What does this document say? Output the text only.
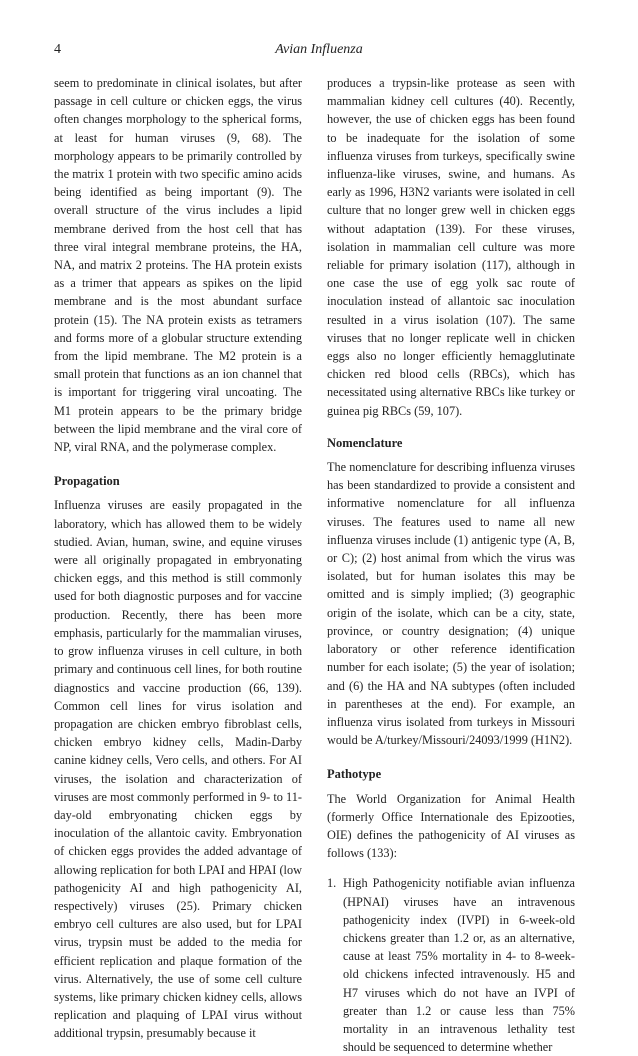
4	Avian Influenza

seem to predominate in clinical isolates, but after passage in cell culture or chicken eggs, the virus often changes morphology to the spherical forms, at least for human viruses (9, 68). The morphology appears to be primarily controlled by the matrix 1 protein with two specific amino acids being identified as being important (9). The overall structure of the virus includes a lipid membrane derived from the host cell that has three viral integral membrane proteins, the HA, NA, and matrix 2 proteins. The HA protein exists as a trimer that appears as spikes on the lipid membrane and is the most abundant surface protein (15). The NA protein exists as tetramers and forms more of a globular structure extending from the lipid membrane. The M2 protein is a small protein that functions as an ion channel that is important for triggering viral uncoating. The M1 protein appears to be the primary bridge between the lipid membrane and the viral core of NP, viral RNA, and the polymerase complex.

Propagation

Influenza viruses are easily propagated in the laboratory, which has allowed them to be widely studied. Avian, human, swine, and equine viruses were all originally propagated in embryonating chicken eggs, and this method is still commonly used for both diagnostic purposes and for vaccine production. Recently, there has been more emphasis, particularly for the mammalian viruses, to grow influenza viruses in cell culture, in both primary and continuous cell lines, for both routine diagnostics and vaccine production (66, 139). Common cell lines for virus isolation and propagation are chicken embryo fibroblast cells, chicken embryo kidney cells, Madin-Darby canine kidney cells, Vero cells, and others. For AI viruses, the isolation and characterization of viruses are most commonly performed in 9- to 11-day-old embryonating chicken eggs by inoculation of the allantoic cavity. Embryonation of chicken eggs provides the added advantage of allowing replication for both LPAI and HPAI (low pathogenicity AI and high pathogenicity AI, respectively) viruses (25). Primary chicken embryo cell cultures are also used, but for LPAI virus, trypsin must be added to the media for efficient replication and plaque formation of the virus. Alternatively, the use of some cell culture systems, like primary chicken kidney cells, allows replication and plaquing of LPAI virus without additional trypsin, presumably because it

produces a trypsin-like protease as seen with mammalian kidney cell cultures (40). Recently, however, the use of chicken eggs has been found to be inadequate for the isolation of some influenza viruses from turkeys, specifically swine influenza-like viruses, swine, and humans. As early as 1996, H3N2 variants were isolated in cell culture that no longer grew well in chicken eggs without adaptation (139). For these viruses, isolation in mammalian cell culture was more reliable for primary isolation (117), although in one case the use of egg yolk sac route of inoculation instead of allantoic sac inoculation resulted in a virus isolation (107). The same viruses that no longer replicate well in chicken eggs also no longer efficiently hemagglutinate chicken red blood cells (RBCs), which has necessitated using alternative RBCs like turkey or guinea pig RBCs (59, 107).

Nomenclature

The nomenclature for describing influenza viruses has been standardized to provide a consistent and informative nomenclature for all influenza viruses. The features used to name all new influenza viruses include (1) antigenic type (A, B, or C); (2) host animal from which the virus was isolated, but for human isolates this may be omitted and is simply implied; (3) geographic origin of the isolate, which can be a city, state, province, or country designation; (4) unique laboratory or other reference identification number for each isolate; (5) the year of isolation; and (6) the HA and NA subtypes (often included in parentheses at the end). For example, an influenza virus isolated from turkeys in Missouri would be A/turkey/Missouri/24093/1999 (H1N2).

Pathotype

The World Organization for Animal Health (formerly Office Internationale des Epizooties, OIE) defines the pathogenicity of AI viruses as follows (133):

1. High Pathogenicity notifiable avian influenza (HPNAI) viruses have an intravenous pathogenicity index (IVPI) in 6-week-old chickens greater than 1.2 or, as an alternative, cause at least 75% mortality in 4- to 8-week-old chickens infected intravenously. H5 and H7 viruses which do not have an IVPI of greater than 1.2 or cause less than 75% mortality in an intravenous lethality test should be sequenced to determine whether
